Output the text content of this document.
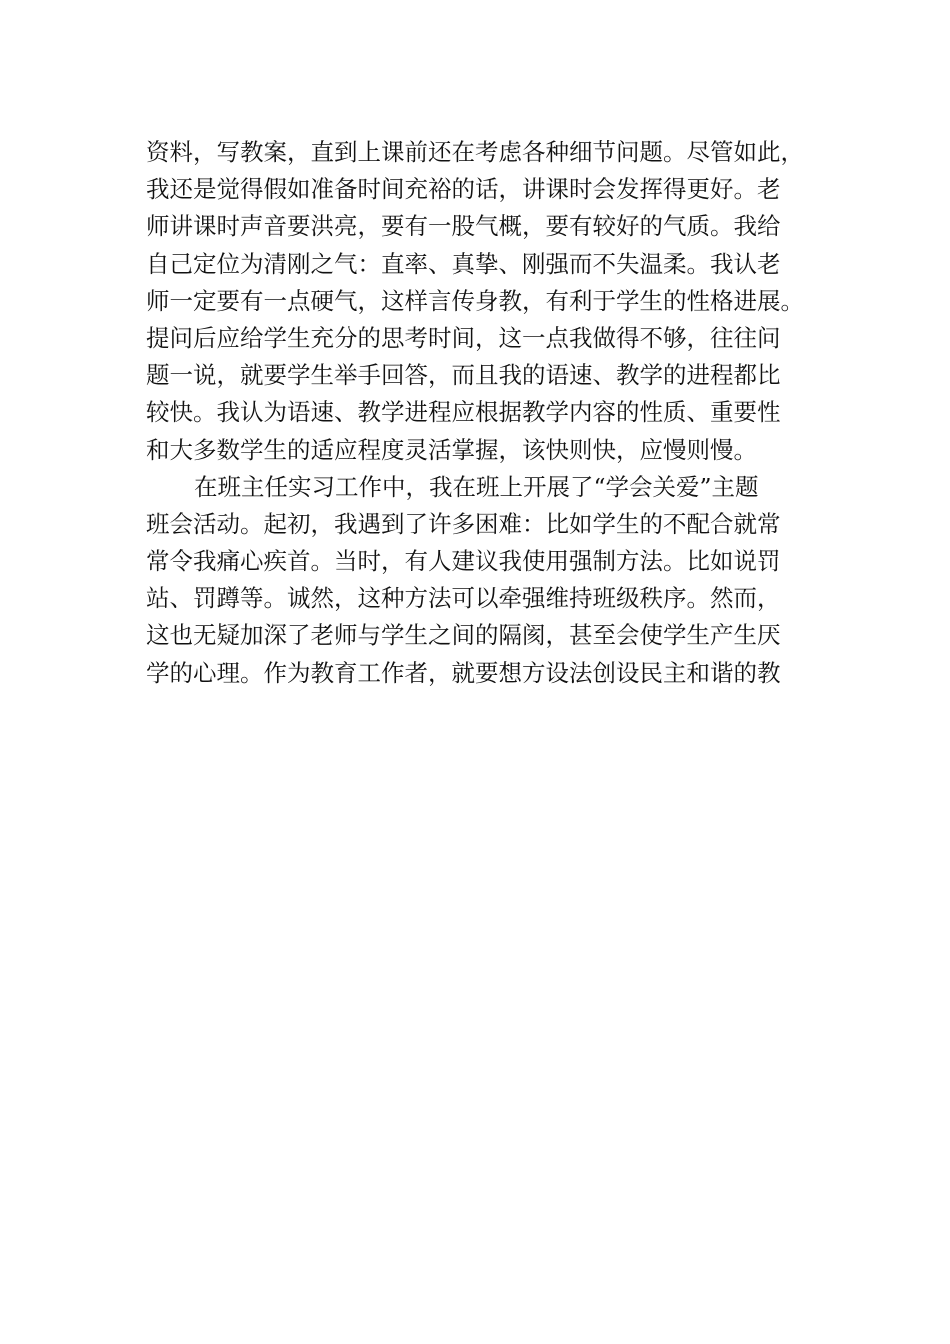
资料，写教案，直到上课前还在考虑各种细节问题。尽管如此，
我还是觉得假如准备时间充裕的话，讲课时会发挥得更好。老
师讲课时声音要洪亮，要有一股气概，要有较好的气质。我给
自己定位为清刚之气：直率、真挚、刚强而不失温柔。我认老
师一定要有一点硬气，这样言传身教，有利于学生的性格进展。
提问后应给学生充分的思考时间，这一点我做得不够，往往问
题一说，就要学生举手回答，而且我的语速、教学的进程都比
较快。我认为语速、教学进程应根据教学内容的性质、重要性
和大多数学生的适应程度灵活掌握，该快则快，应慢则慢。
在班主任实习工作中，我在班上开展了“学会关爱”主题
班会活动。起初，我遇到了许多困难：比如学生的不配合就常
常令我痛心疾首。当时，有人建议我使用强制方法。比如说罚
站、罚蹲等。诚然，这种方法可以牵强维持班级秩序。然而，
这也无疑加深了老师与学生之间的隔阂，甚至会使学生产生厌
学的心理。作为教育工作者，就要想方设法创设民主和谐的教
